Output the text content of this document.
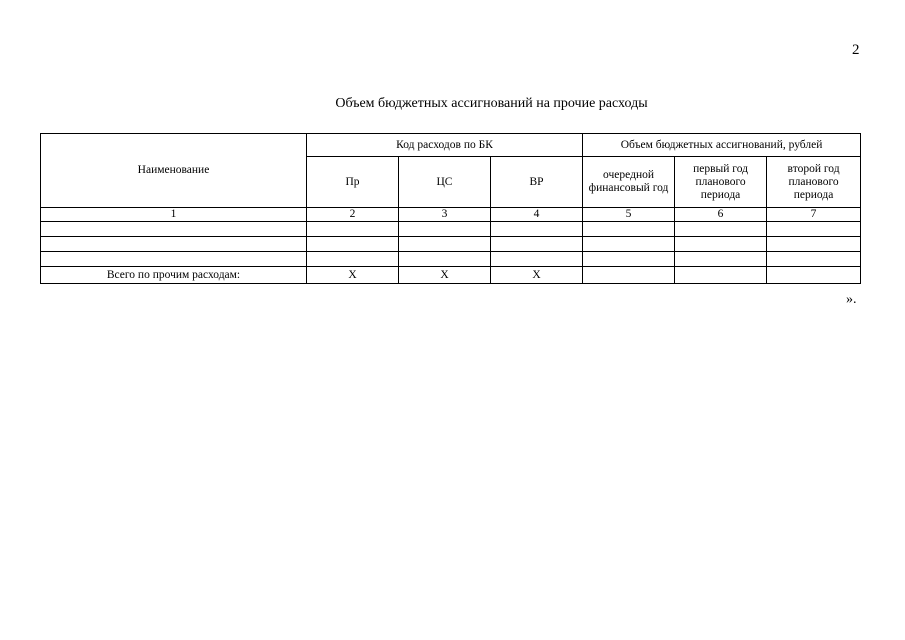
2
Объем бюджетных ассигнований на прочие расходы
Наименование	Код расходов по БК			Объем бюджетных ассигнований, рублей		
	Пр	ЦС	ВР	очередной финансовый год	первый год планового периода	второй год планового периода
1	2	3	4	5	6	7

Всего по прочим расходам:	Х	Х	Х			
».
